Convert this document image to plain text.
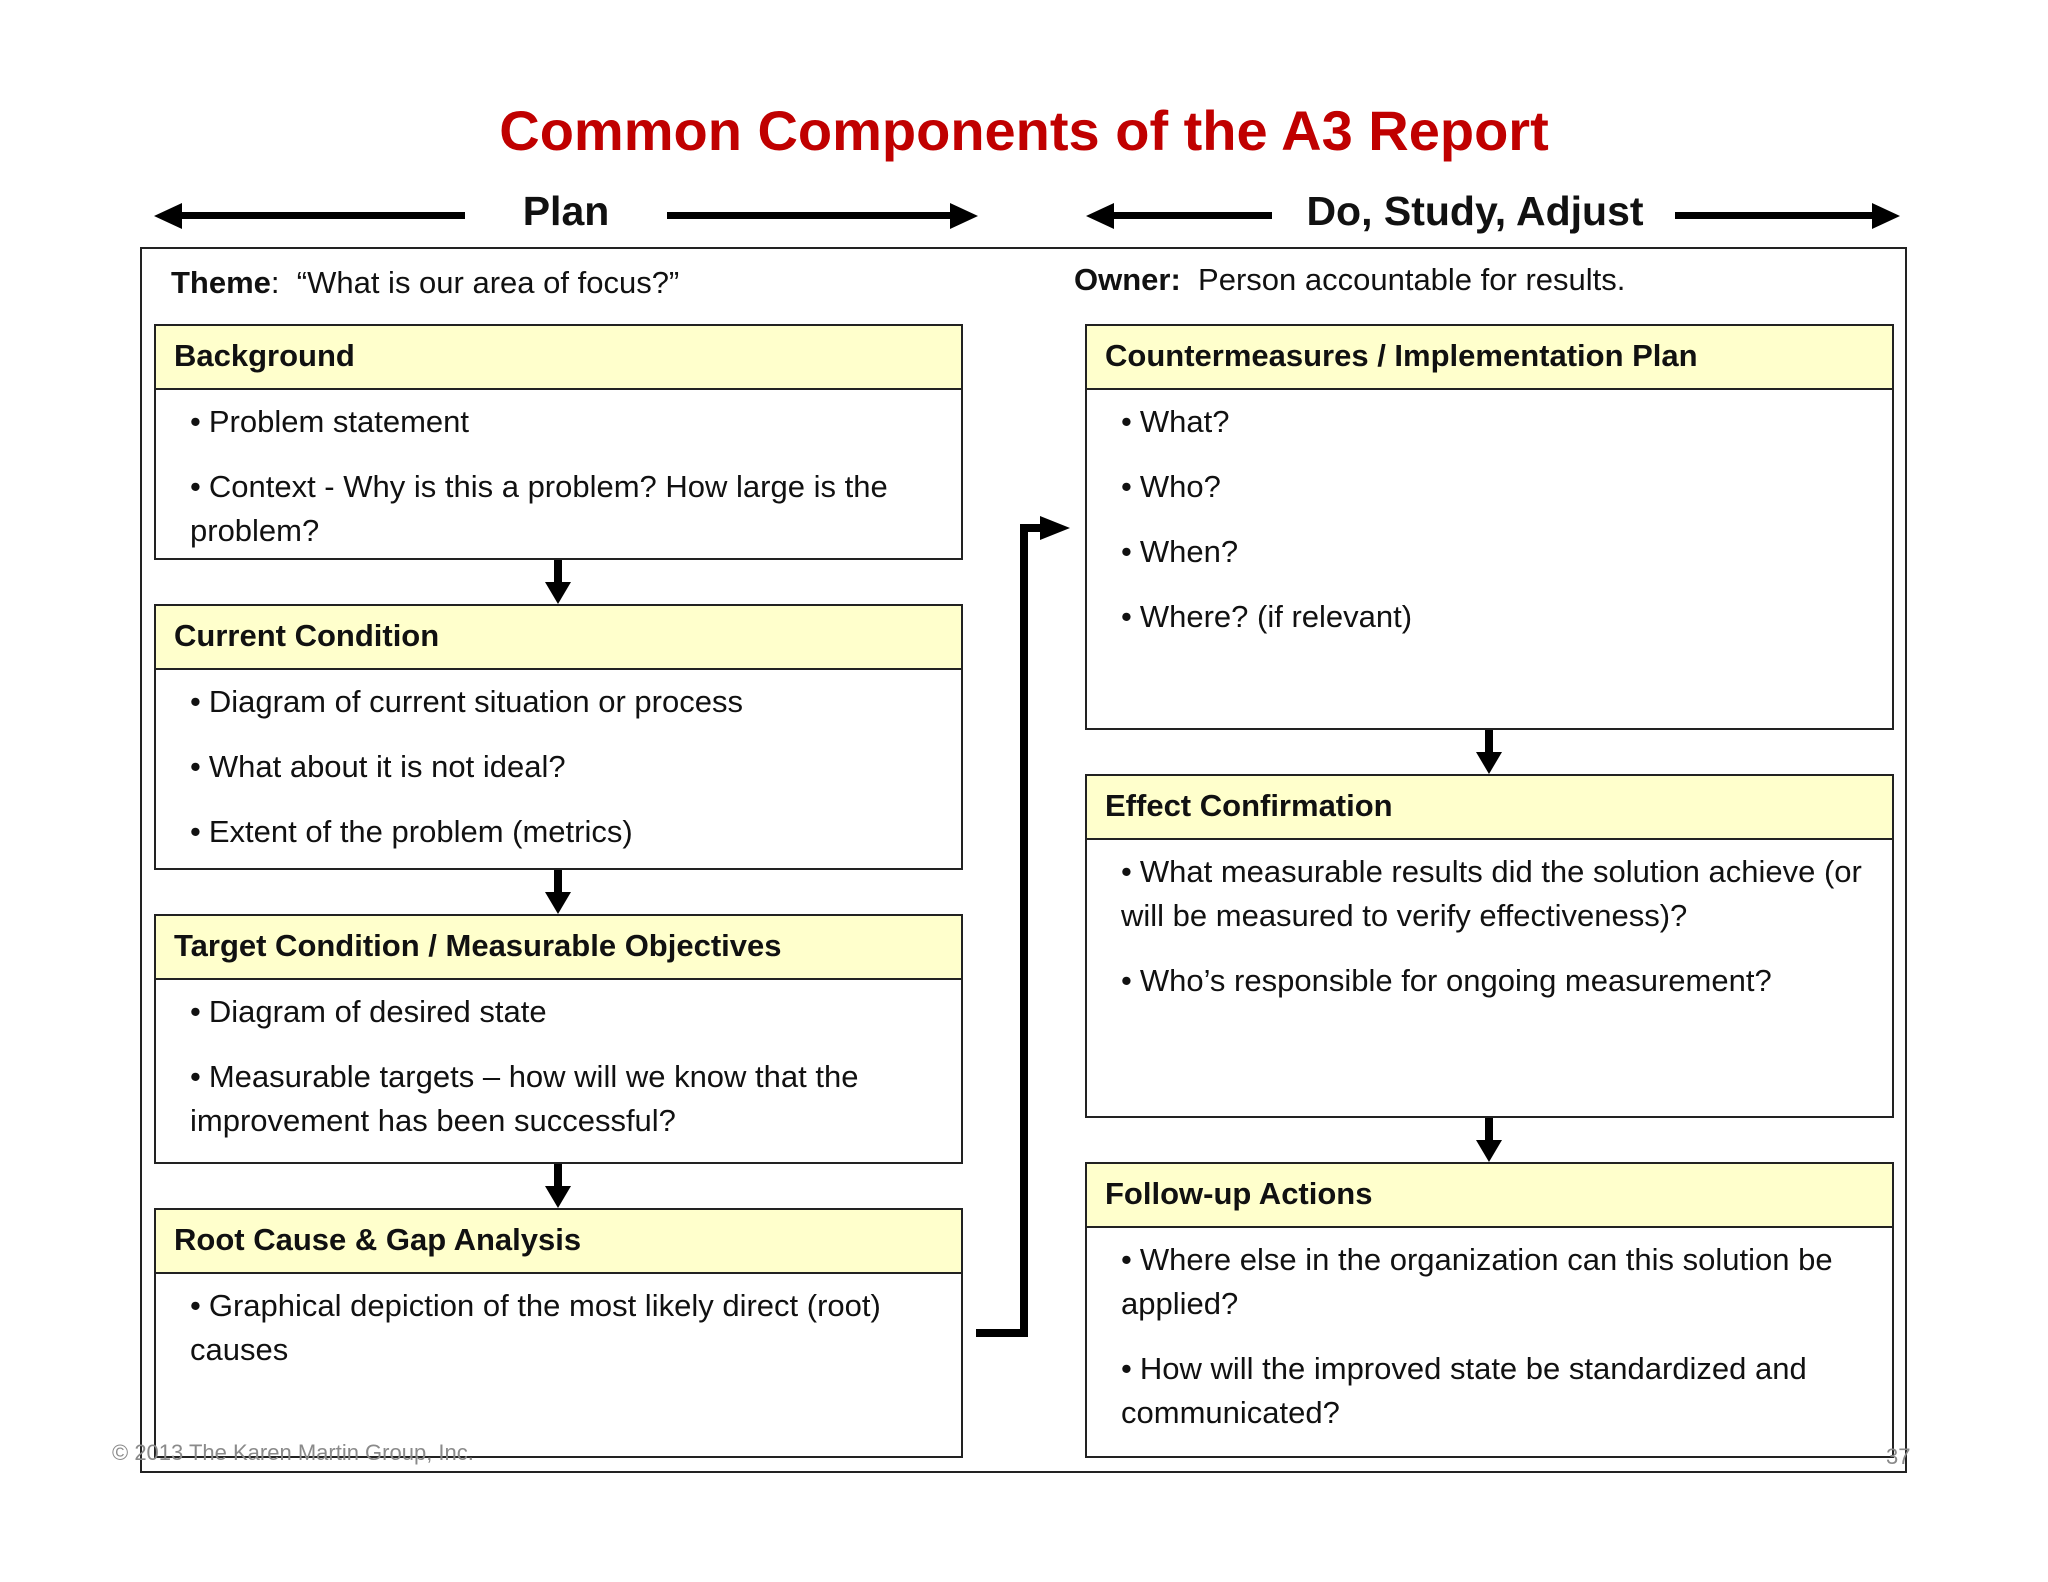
Common Components of the A3 Report
Plan	Do, Study, Adjust
Theme:  “What is our area of focus?”	Owner: Person accountable for results.
Background
• Problem statement
• Context - Why is this a problem? How large is the problem?
Current Condition
• Diagram of current situation or process
• What about it is not ideal?
• Extent of the problem (metrics)
Target Condition / Measurable Objectives
• Diagram of desired state
• Measurable targets – how will we know that the improvement has been successful?
Root Cause & Gap Analysis
• Graphical depiction of the most likely direct (root) causes
Countermeasures / Implementation Plan
• What?
• Who?
• When?
• Where? (if relevant)
Effect Confirmation
• What measurable results did the solution achieve (or will be measured to verify effectiveness)?
• Who’s responsible for ongoing measurement?
Follow-up Actions
• Where else in the organization can this solution be applied?
• How will the improved state be standardized and communicated?
© 2013 The Karen Martin Group, Inc.	37
